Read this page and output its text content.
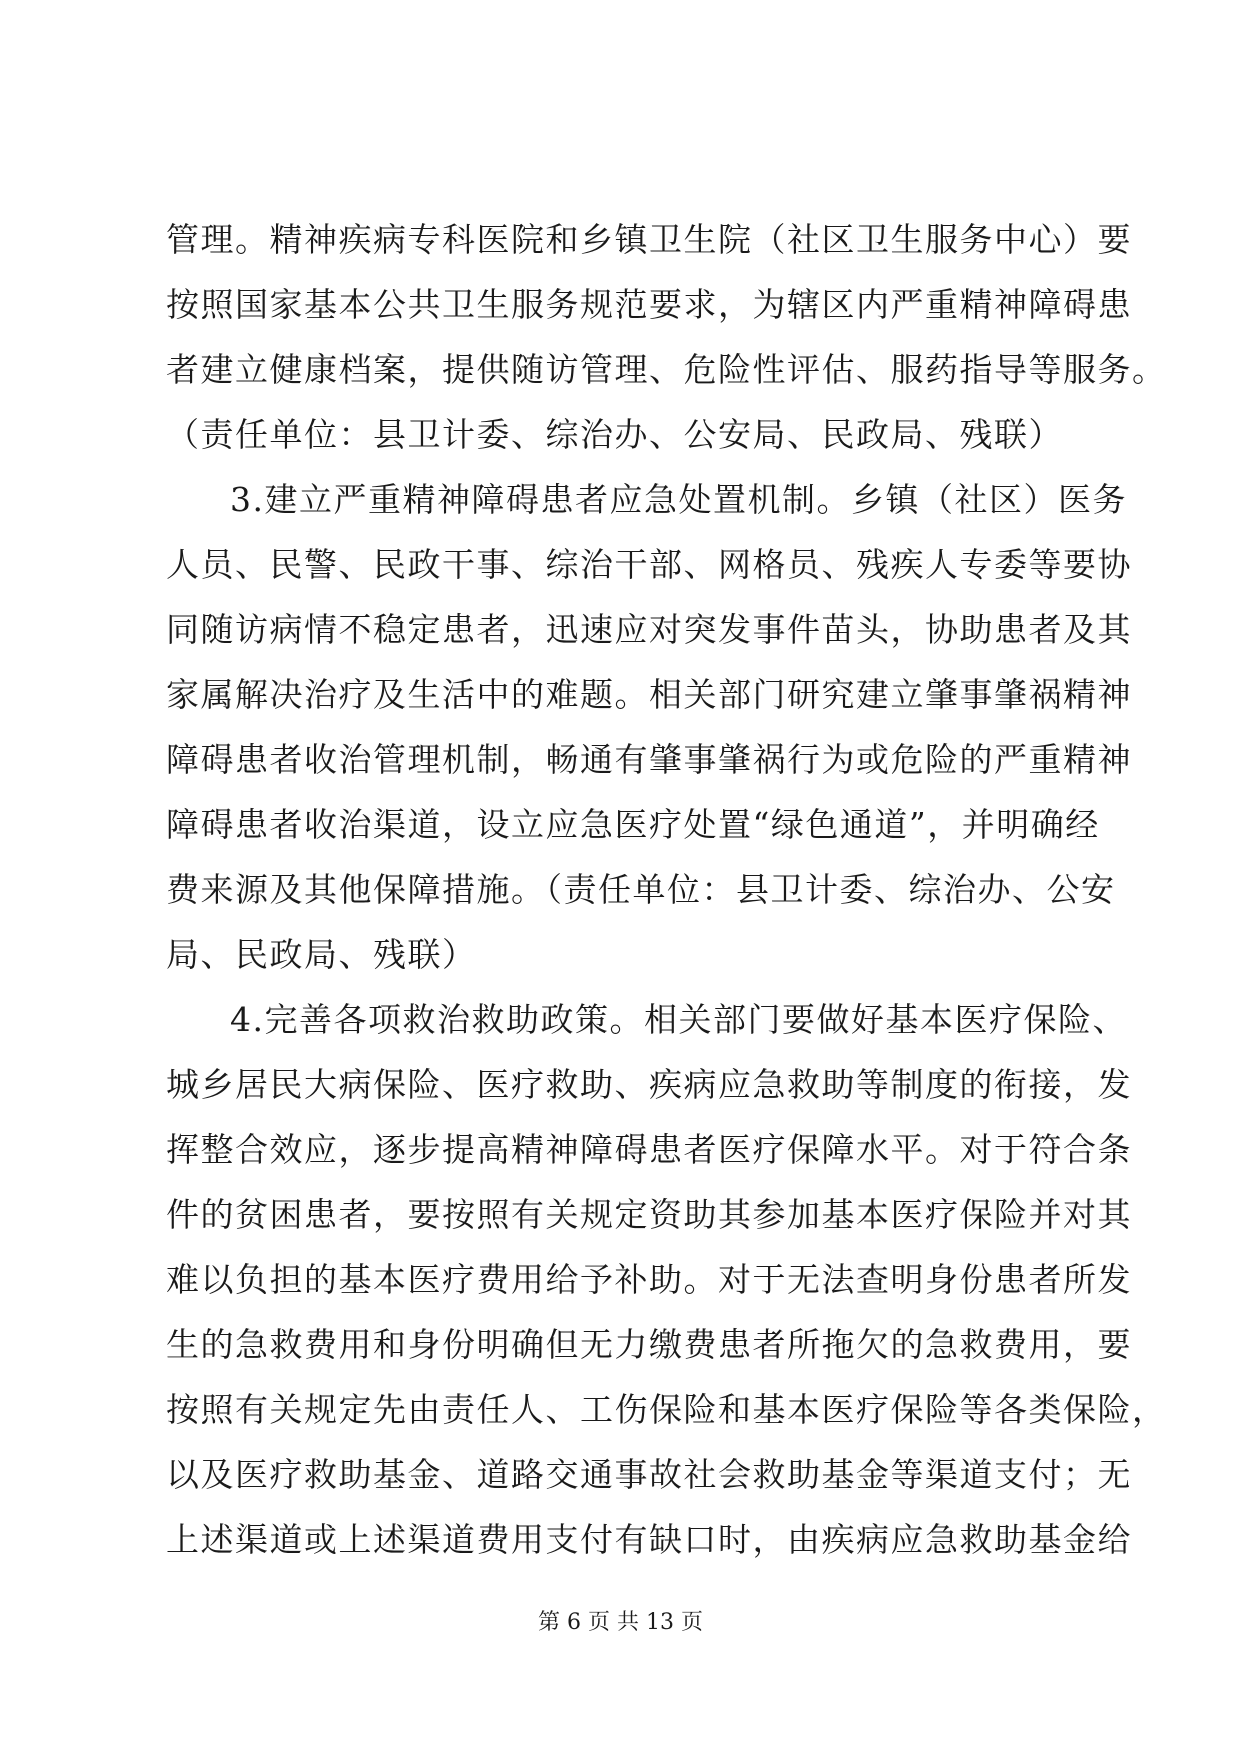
管理。精神疾病专科医院和乡镇卫生院（社区卫生服务中心）要
按照国家基本公共卫生服务规范要求，为辖区内严重精神障碍患
者建立健康档案，提供随访管理、危险性评估、服药指导等服务。
（责任单位：县卫计委、综治办、公安局、民政局、残联）
3.建立严重精神障碍患者应急处置机制。乡镇（社区）医务
人员、民警、民政干事、综治干部、网格员、残疾人专委等要协
同随访病情不稳定患者，迅速应对突发事件苗头，协助患者及其
家属解决治疗及生活中的难题。相关部门研究建立肇事肇祸精神
障碍患者收治管理机制，畅通有肇事肇祸行为或危险的严重精神
障碍患者收治渠道，设立应急医疗处置“绿色通道”，并明确经
费来源及其他保障措施。（责任单位：县卫计委、综治办、公安
局、民政局、残联）
4.完善各项救治救助政策。相关部门要做好基本医疗保险、
城乡居民大病保险、医疗救助、疾病应急救助等制度的衔接，发
挥整合效应，逐步提高精神障碍患者医疗保障水平。对于符合条
件的贫困患者，要按照有关规定资助其参加基本医疗保险并对其
难以负担的基本医疗费用给予补助。对于无法查明身份患者所发
生的急救费用和身份明确但无力缴费患者所拖欠的急救费用，要
按照有关规定先由责任人、工伤保险和基本医疗保险等各类保险，
以及医疗救助基金、道路交通事故社会救助基金等渠道支付；无
上述渠道或上述渠道费用支付有缺口时，由疾病应急救助基金给
第 6 页 共 13 页
